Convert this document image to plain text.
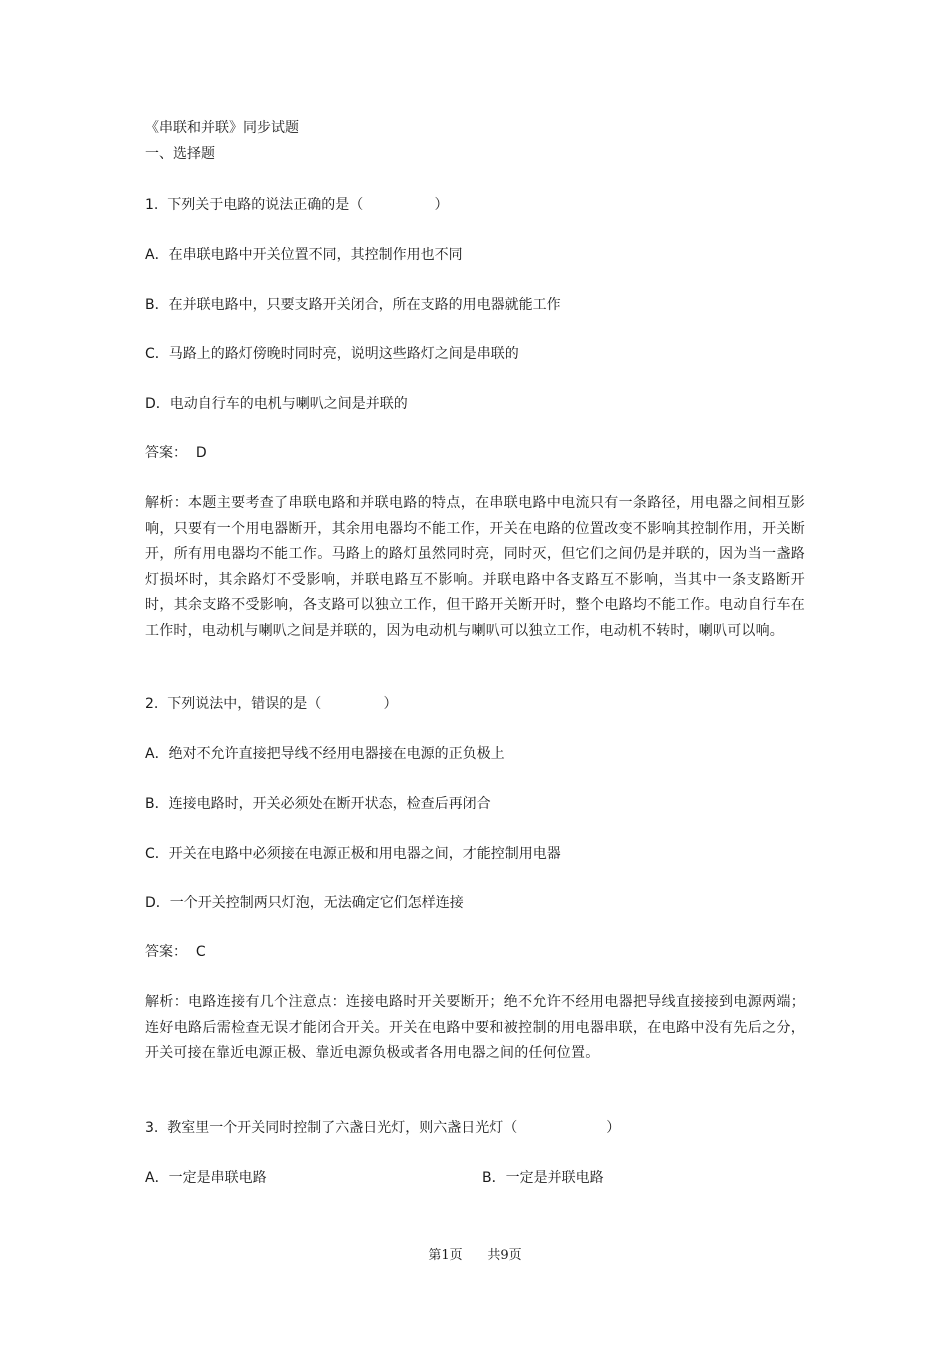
《串联和并联》同步试题

一、选择题

1.  下列关于电路的说法正确的是（                ）

A．在串联电路中开关位置不同，其控制作用也不同

B．在并联电路中，只要支路开关闭合，所在支路的用电器就能工作

C．马路上的路灯傍晚时同时亮，说明这些路灯之间是串联的

D．电动自行车的电机与喇叭之间是并联的

答案：  D

解析：本题主要考查了串联电路和并联电路的特点，在串联电路中电流只有一条路径，用电器之间相互影响，只要有一个用电器断开，其余用电器均不能工作，开关在电路的位置改变不影响其控制作用，开关断开，所有用电器均不能工作。马路上的路灯虽然同时亮，同时灭，但它们之间仍是并联的，因为当一盏路灯损坏时，其余路灯不受影响，并联电路互不影响。并联电路中各支路互不影响，当其中一条支路断开时，其余支路不受影响，各支路可以独立工作，但干路开关断开时，整个电路均不能工作。电动自行车在工作时，电动机与喇叭之间是并联的，因为电动机与喇叭可以独立工作，电动机不转时，喇叭可以响。

2.  下列说法中，错误的是（              ）

A．绝对不允许直接把导线不经用电器接在电源的正负极上

B．连接电路时，开关必须处在断开状态，检查后再闭合

C．开关在电路中必须接在电源正极和用电器之间，才能控制用电器

D．一个开关控制两只灯泡，无法确定它们怎样连接

答案：  C

解析：电路连接有几个注意点：连接电路时开关要断开；绝不允许不经用电器把导线直接接到电源两端；连好电路后需检查无误才能闭合开关。开关在电路中要和被控制的用电器串联，在电路中没有先后之分，开关可接在靠近电源正极、靠近电源负极或者各用电器之间的任何位置。

3.  教室里一个开关同时控制了六盏日光灯，则六盏日光灯（                    ）

A．一定是串联电路	B．一定是并联电路

第1页      共9页
